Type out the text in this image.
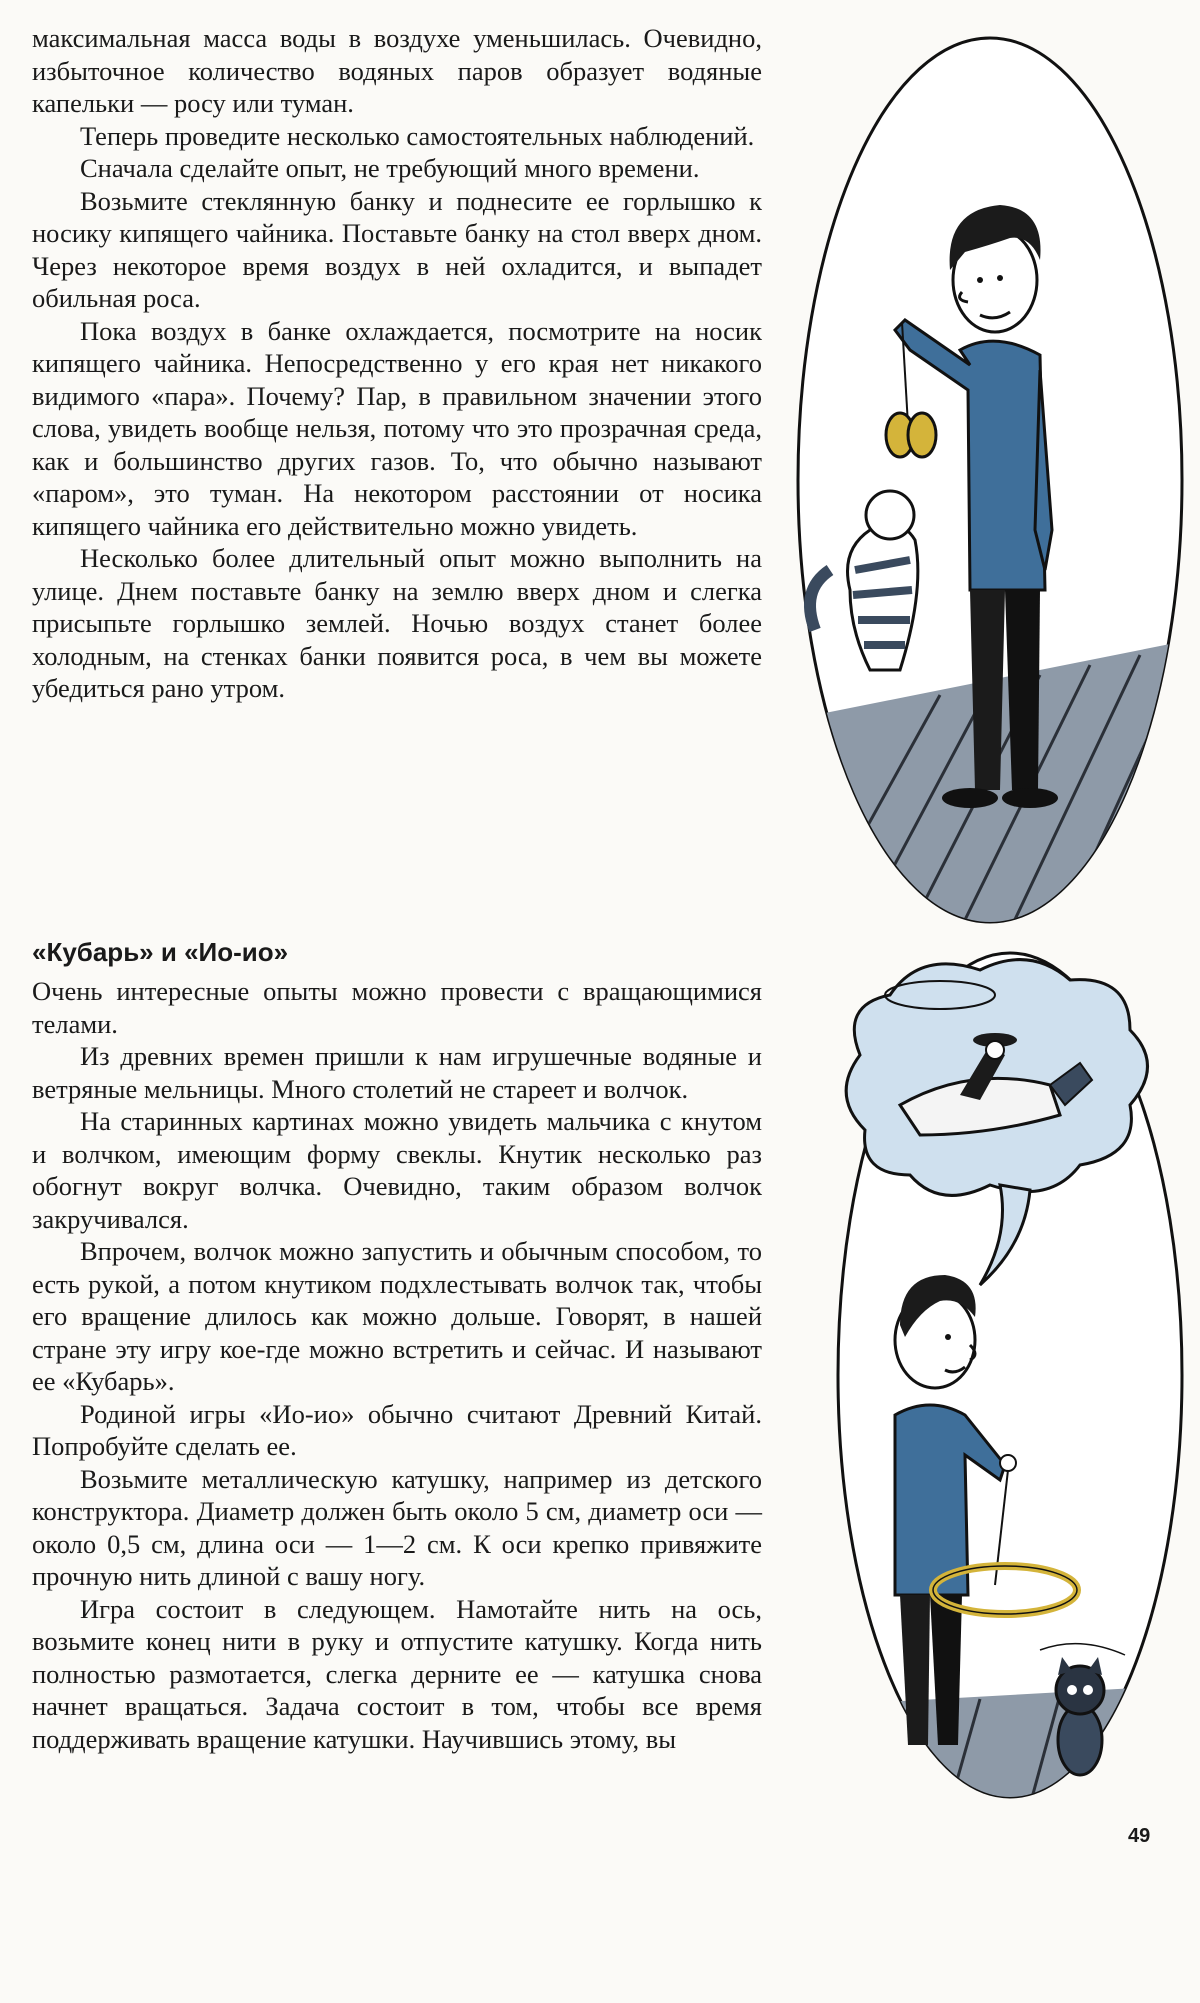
максимальная масса воды в воздухе уменьшилась. Очевидно, избыточное количество водяных паров образует водяные капельки — росу или туман.

Теперь проведите несколько самостоятельных наблюдений.

Сначала сделайте опыт, не требующий много времени.

Возьмите стеклянную банку и поднесите ее горлышко к носику кипящего чайника. Поставьте банку на стол вверх дном. Через некоторое время воздух в ней охладится, и выпадет обильная роса.

Пока воздух в банке охлаждается, посмотрите на носик кипящего чайника. Непосредственно у его края нет никакого видимого «пара». Почему? Пар, в правильном значении этого слова, увидеть вообще нельзя, потому что это прозрачная среда, как и большинство других газов. То, что обычно называют «паром», это туман. На некотором расстоянии от носика кипящего чайника его действительно можно увидеть.

Несколько более длительный опыт можно выполнить на улице. Днем поставьте банку на землю вверх дном и слегка присыпьте горлышко землей. Ночью воздух станет более холодным, на стенках банки появится роса, в чем вы можете убедиться рано утром.

«Кубарь» и «Ио-ио»

Очень интересные опыты можно провести с вращающимися телами.

Из древних времен пришли к нам игрушечные водяные и ветряные мельницы. Много столетий не стареет и волчок.

На старинных картинах можно увидеть мальчика с кнутом и волчком, имеющим форму свеклы. Кнутик несколько раз обогнут вокруг волчка. Очевидно, таким образом волчок закручивался.

Впрочем, волчок можно запустить и обычным способом, то есть рукой, а потом кнутиком подхлестывать волчок так, чтобы его вращение длилось как можно дольше. Говорят, в нашей стране эту игру кое-где можно встретить и сейчас. И называют ее «Кубарь».

Родиной игры «Ио-ио» обычно считают Древний Китай. Попробуйте сделать ее.

Возьмите металлическую катушку, например из детского конструктора. Диаметр должен быть около 5 см, диаметр оси — около 0,5 см, длина оси — 1—2 см. К оси крепко привяжите прочную нить длиной с вашу ногу.

Игра состоит в следующем. Намотайте нить на ось, возьмите конец нити в руку и отпустите катушку. Когда нить полностью размотается, слегка дерните ее — катушка снова начнет вращаться. Задача состоит в том, чтобы все время поддерживать вращение катушки. Научившись этому, вы

49
